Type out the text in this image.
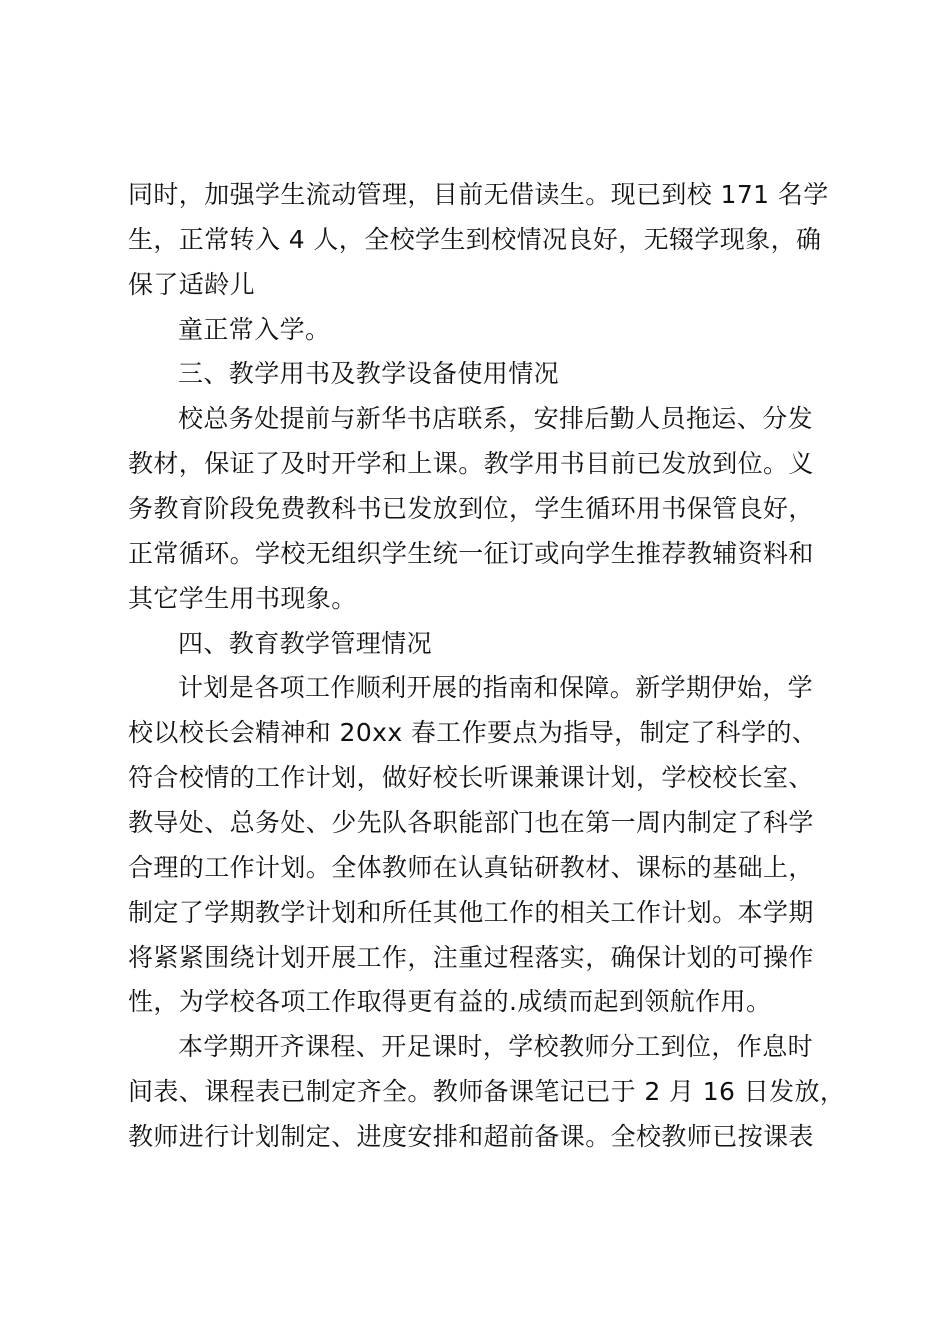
同时，加强学生流动管理，目前无借读生。现已到校 171 名学
生，正常转入 4 人，全校学生到校情况良好，无辍学现象，确
保了适龄儿
童正常入学。
三、教学用书及教学设备使用情况
校总务处提前与新华书店联系，安排后勤人员拖运、分发
教材，保证了及时开学和上课。教学用书目前已发放到位。义
务教育阶段免费教科书已发放到位，学生循环用书保管良好，
正常循环。学校无组织学生统一征订或向学生推荐教辅资料和
其它学生用书现象。
四、教育教学管理情况
计划是各项工作顺利开展的指南和保障。新学期伊始，学
校以校长会精神和 20xx 春工作要点为指导，制定了科学的、
符合校情的工作计划，做好校长听课兼课计划，学校校长室、
教导处、总务处、少先队各职能部门也在第一周内制定了科学
合理的工作计划。全体教师在认真钻研教材、课标的基础上，
制定了学期教学计划和所任其他工作的相关工作计划。本学期
将紧紧围绕计划开展工作，注重过程落实，确保计划的可操作
性，为学校各项工作取得更有益的.成绩而起到领航作用。
本学期开齐课程、开足课时，学校教师分工到位，作息时
间表、课程表已制定齐全。教师备课笔记已于 2 月 16 日发放，
教师进行计划制定、进度安排和超前备课。全校教师已按课表
